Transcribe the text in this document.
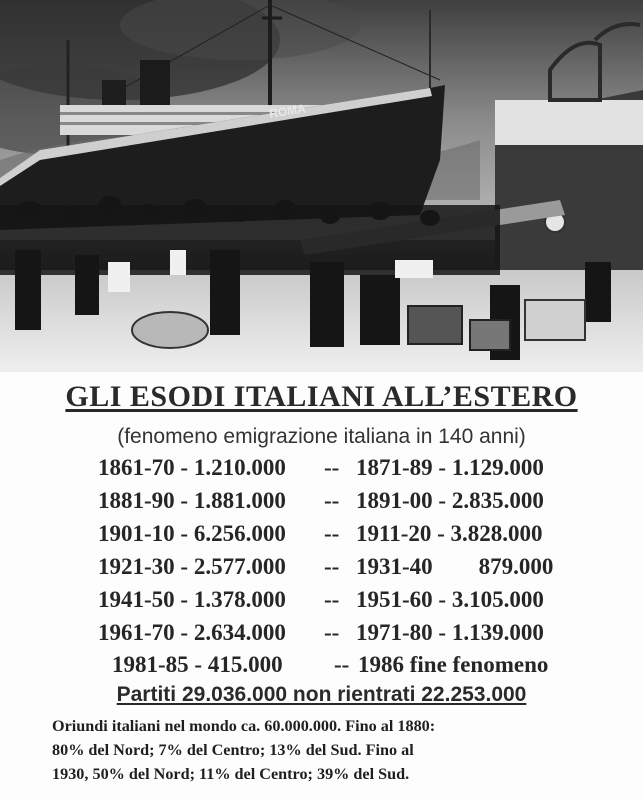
ROMA
GLI ESODI ITALIANI ALL’ESTERO
(fenomeno emigrazione italiana in 140 anni)
1861-70 - 1.210.000 -- 1871-89 - 1.129.000
1881-90 - 1.881.000 -- 1891-00 - 2.835.000
1901-10 - 6.256.000 -- 1911-20 - 3.828.000
1921-30 - 2.577.000 -- 1931-40        879.000
1941-50 - 1.378.000 -- 1951-60 - 3.105.000
1961-70 - 2.634.000 -- 1971-80 - 1.139.000
1981-85 - 415.000 -- 1986 fine fenomeno
Partiti 29.036.000 non rientrati 22.253.000
Oriundi italiani nel mondo ca. 60.000.000. Fino al 1880:
80% del Nord; 7% del Centro; 13% del Sud. Fino al
1930, 50% del Nord; 11% del Centro; 39% del Sud.
